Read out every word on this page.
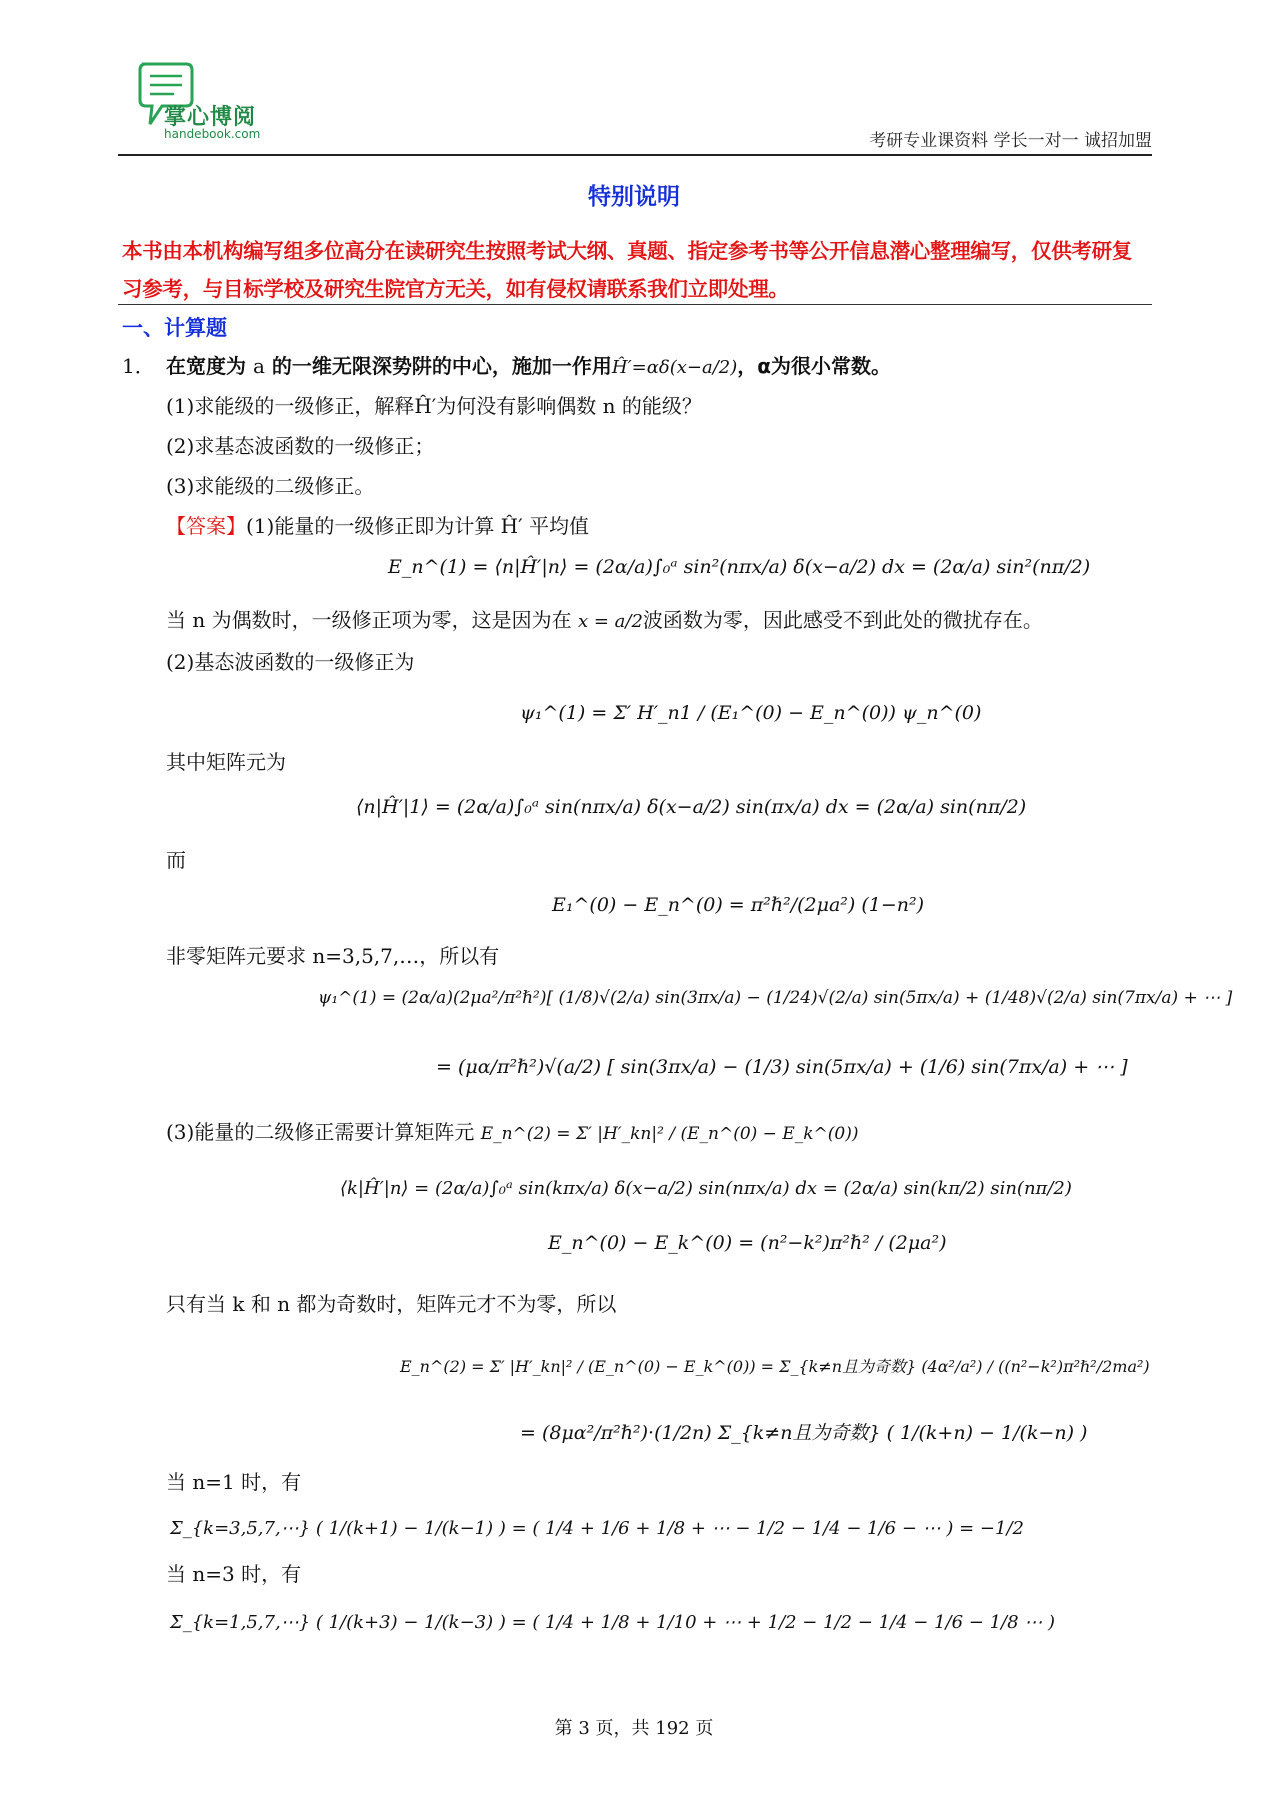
掌心博阅
handebook.com	考研专业课资料 学长一对一 诚招加盟
特别说明
本书由本机构编写组多位高分在读研究生按照考试大纲、真题、指定参考书等公开信息潜心整理编写，仅供考研复习参考，与目标学校及研究生院官方无关，如有侵权请联系我们立即处理。
一、计算题
1． 在宽度为 a 的一维无限深势阱的中心，施加一作用Ĥ′=αδ(x−a/2)，α为很小常数。
(1)求能级的一级修正，解释Ĥ′为何没有影响偶数 n 的能级？
(2)求基态波函数的一级修正；
(3)求能级的二级修正。
【答案】(1)能量的一级修正即为计算 Ĥ′ 平均值
E_n^(1) = ⟨n|Ĥ′|n⟩ = (2α/a)∫₀ᵃ sin²(nπx/a) δ(x−a/2) dx = (2α/a) sin²(nπ/2)
当 n 为偶数时，一级修正项为零，这是因为在 x = a/2波函数为零，因此感受不到此处的微扰存在。
(2)基态波函数的一级修正为
ψ₁^(1) = Σ′ H′_n1 / (E₁^(0) − E_n^(0)) ψ_n^(0)
其中矩阵元为
⟨n|Ĥ′|1⟩ = (2α/a)∫₀ᵃ sin(nπx/a) δ(x−a/2) sin(πx/a) dx = (2α/a) sin(nπ/2)
而
E₁^(0) − E_n^(0) = π²ℏ²/(2μa²) (1−n²)
非零矩阵元要求 n=3,5,7,…，所以有
ψ₁^(1) = (2α/a)(2μa²/π²ℏ²)[ (1/8)√(2/a) sin(3πx/a) − (1/24)√(2/a) sin(5πx/a) + (1/48)√(2/a) sin(7πx/a) + ⋯ ]
= (μα/π²ℏ²)√(a/2) [ sin(3πx/a) − (1/3) sin(5πx/a) + (1/6) sin(7πx/a) + ⋯ ]
(3)能量的二级修正需要计算矩阵元 E_n^(2) = Σ′ |H′_kn|² / (E_n^(0) − E_k^(0))
⟨k|Ĥ′|n⟩ = (2α/a)∫₀ᵃ sin(kπx/a) δ(x−a/2) sin(nπx/a) dx = (2α/a) sin(kπ/2) sin(nπ/2)
E_n^(0) − E_k^(0) = (n²−k²)π²ℏ² / (2μa²)
只有当 k 和 n 都为奇数时，矩阵元才不为零，所以
E_n^(2) = Σ′ |H′_kn|² / (E_n^(0) − E_k^(0)) = Σ_{k≠n且为奇数} (4α²/a²) / ((n²−k²)π²ℏ²/2ma²)
= (8μα²/π²ℏ²)·(1/2n) Σ_{k≠n且为奇数} ( 1/(k+n) − 1/(k−n) )
当 n=1 时，有
Σ_{k=3,5,7,⋯} ( 1/(k+1) − 1/(k−1) ) = ( 1/4 + 1/6 + 1/8 + ⋯ − 1/2 − 1/4 − 1/6 − ⋯ ) = −1/2
当 n=3 时，有
Σ_{k=1,5,7,⋯} ( 1/(k+3) − 1/(k−3) ) = ( 1/4 + 1/8 + 1/10 + ⋯ + 1/2 − 1/2 − 1/4 − 1/6 − 1/8 ⋯ )
第 3 页，共 192 页
